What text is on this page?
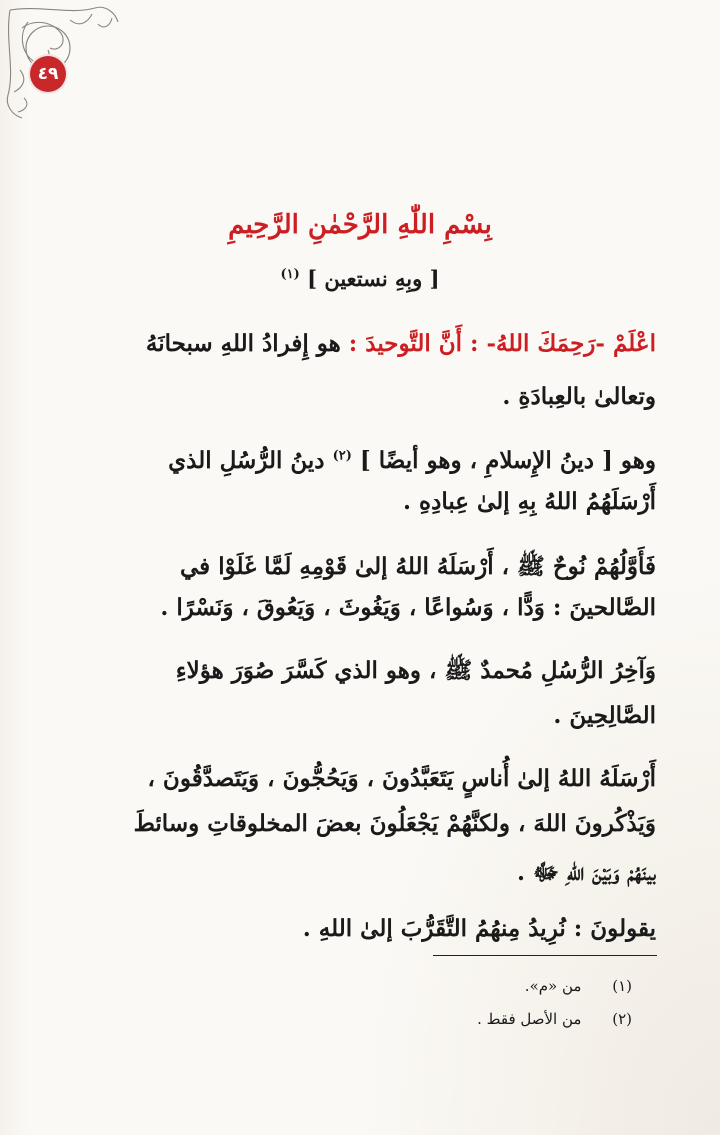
٤٩
بِسْمِ اللّٰهِ الرَّحْمٰنِ الرَّحِيمِ
[ وبِهِ نستعين ] $^{(١)}$
اعْلَمْ -رَحِمَكَ اللهُ- : أَنَّ التَّوحيدَ : هو إِفرادُ اللهِ سبحانَهُ
وتعالىٰ بالعِبادَةِ .
وهو [ دينُ الإِسلامِ ، وهو أيضًا ] $^{(٢)}$ دينُ الرُّسُلِ الذي
أَرْسَلَهُمُ اللهُ بِهِ إلىٰ عِبادِهِ .
فَأَوَّلُهُمْ نُوحٌ ﷺ ، أَرْسَلَهُ اللهُ إلىٰ قَوْمِهِ لَمَّا غَلَوْا في
الصَّالحينَ : وَدًّا ، وَسُواعًا ، وَيَغُوثَ ، وَيَعُوقَ ، وَنَسْرًا .
وَآخِرُ الرُّسُلِ مُحمدٌ ﷺ ، وهو الذي كَسَّرَ صُوَرَ هؤلاءِ
الصَّالِحِينَ .
أَرْسَلَهُ اللهُ إلىٰ أُناسٍ يَتَعَبَّدُونَ ، وَيَحُجُّونَ ، وَيَتَصدَّقُونَ ،
وَيَذْكُرونَ اللهَ ، ولكنَّهُمْ يَجْعَلُونَ بعضَ المخلوقاتِ وسائطَ
بينَهُمْ وَبَيْنَ اللهِ ﷻ .
يقولونَ : نُرِيدُ مِنهُمُ التَّقَرُّبَ إلىٰ اللهِ .
(١) من «م».
(٢) من الأصل فقط .
